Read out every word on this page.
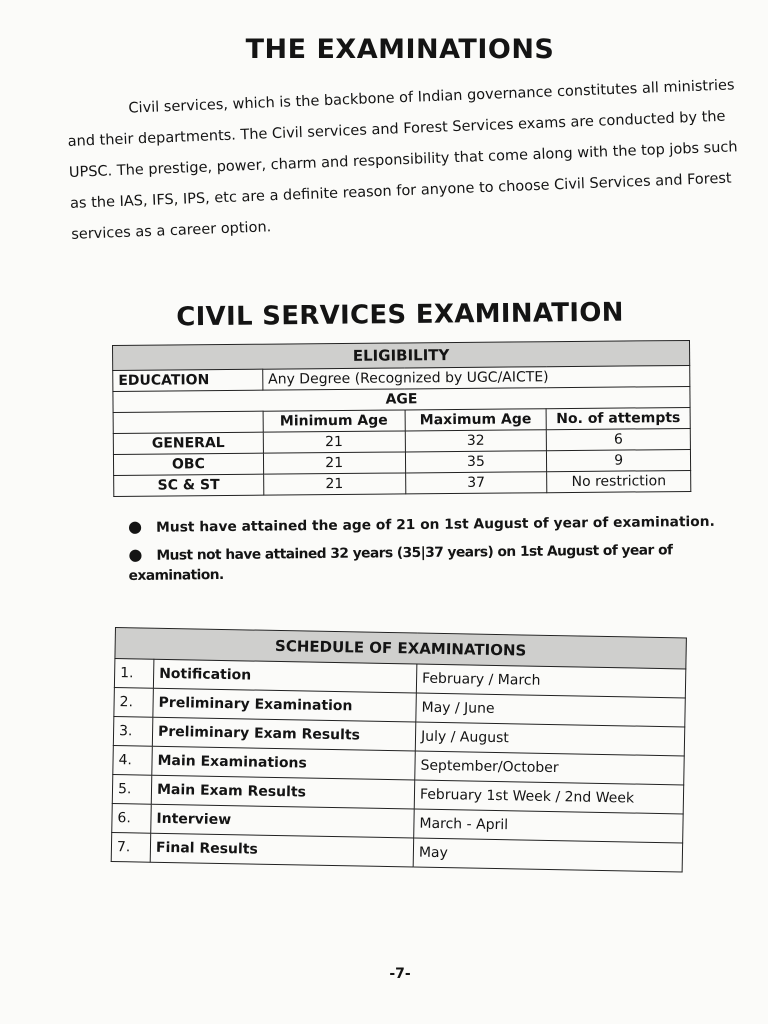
THE EXAMINATIONS

Civil services, which is the backbone of Indian governance constitutes all ministries and their departments. The Civil services and Forest Services exams are conducted by the UPSC. The prestige, power, charm and responsibility that come along with the top jobs such as the IAS, IFS, IPS, etc are a definite reason for anyone to choose Civil Services and Forest services as a career option.

CIVIL SERVICES EXAMINATION
ELIGIBILITY			
EDUCATION	Any Degree (Recognized by UGC/AICTE)		
AGE			
	Minimum Age	Maximum Age	No. of attempts
GENERAL	21	32	6
OBC	21	35	9
SC & ST	21	37	No restriction
● Must have attained the age of 21 on 1st August of year of examination.
● Must not have attained 32 years (35|37 years) on 1st August of year of examination.
SCHEDULE OF EXAMINATIONS		
1.	Notification	February / March
2.	Preliminary Examination	May / June
3.	Preliminary Exam Results	July / August
4.	Main Examinations	September/October
5.	Main Exam Results	February 1st Week / 2nd Week
6.	Interview	March - April
7.	Final Results	May
-7-
